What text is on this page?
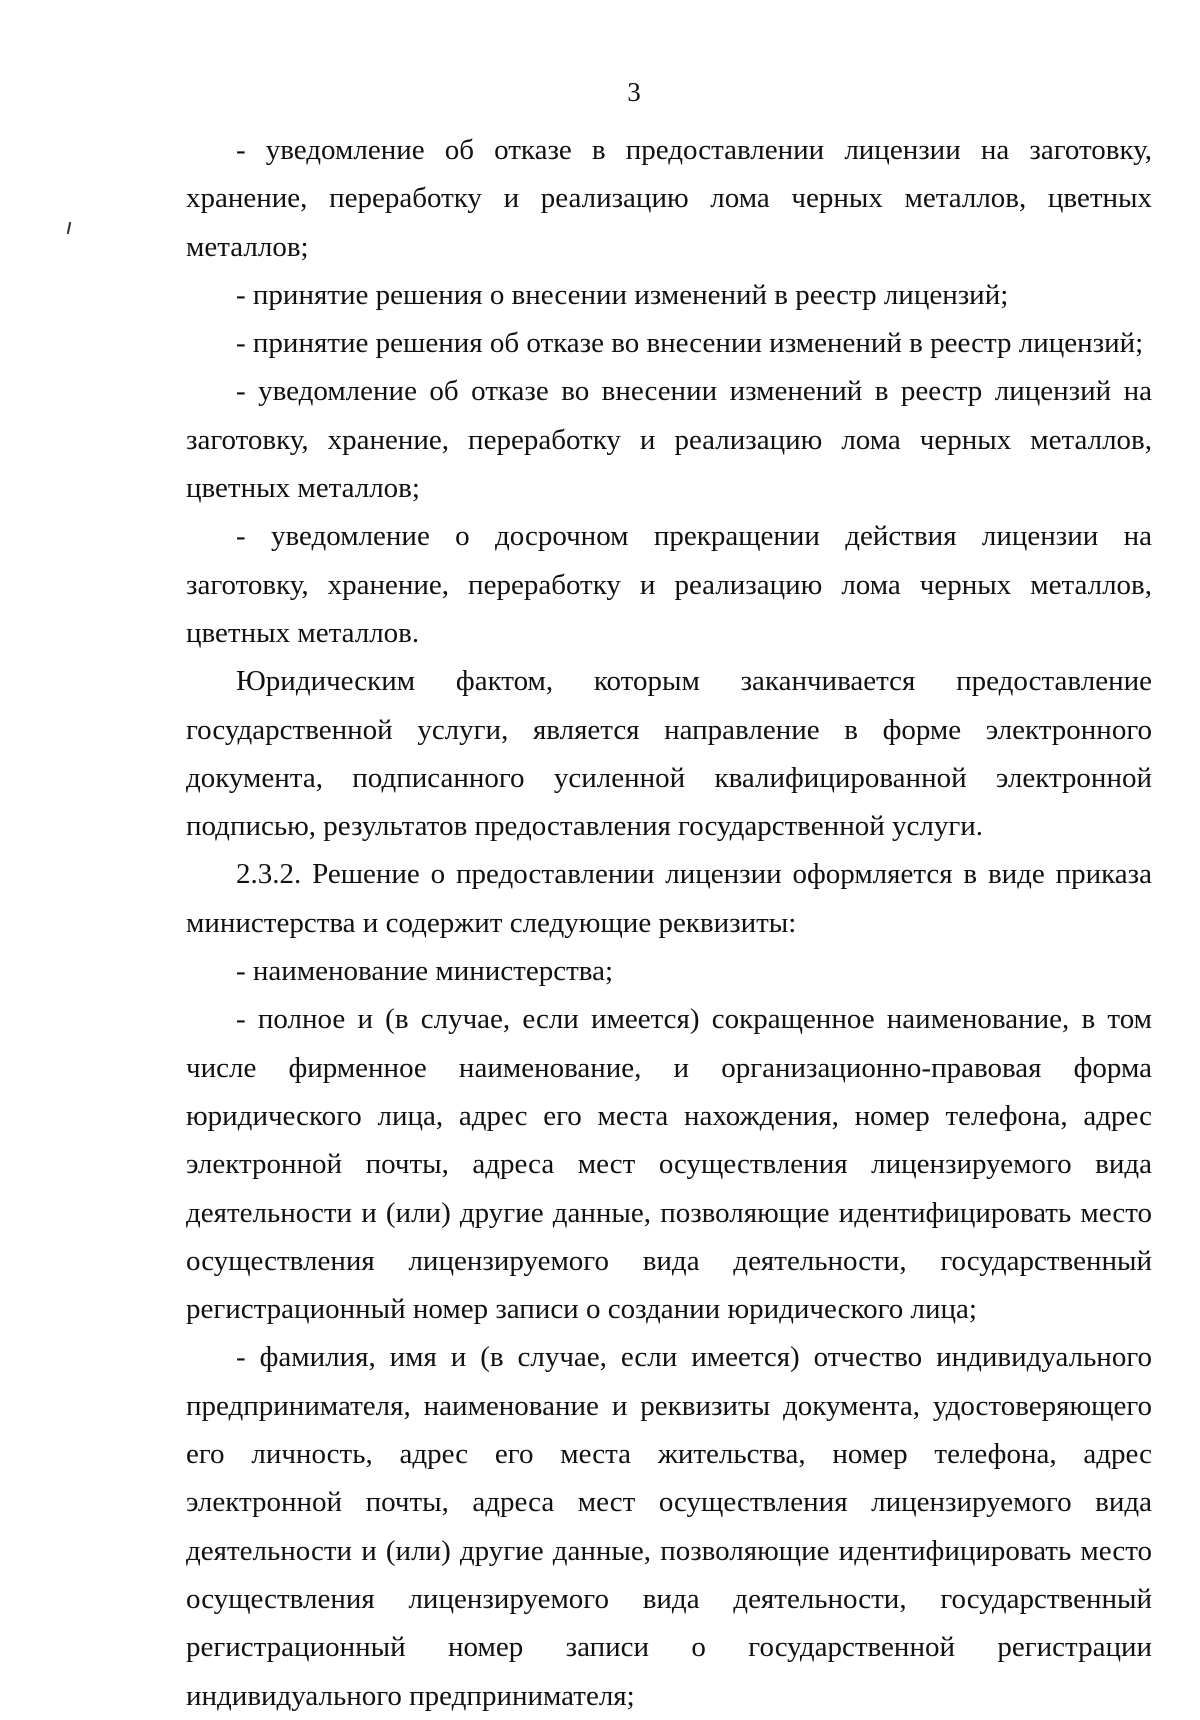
3

- уведомление об отказе в предоставлении лицензии на заготовку, хранение, переработку и реализацию лома черных металлов, цветных металлов;

- принятие решения о внесении изменений в реестр лицензий;

- принятие решения об отказе во внесении изменений в реестр лицензий;

- уведомление об отказе во внесении изменений в реестр лицензий на заготовку, хранение, переработку и реализацию лома черных металлов, цветных металлов;

- уведомление о досрочном прекращении действия лицензии на заготовку, хранение, переработку и реализацию лома черных металлов, цветных металлов.

Юридическим фактом, которым заканчивается предоставление государственной услуги, является направление в форме электронного документа, подписанного усиленной квалифицированной электронной подписью, результатов предоставления государственной услуги.

2.3.2. Решение о предоставлении лицензии оформляется в виде приказа министерства и содержит следующие реквизиты:

- наименование министерства;

- полное и (в случае, если имеется) сокращенное наименование, в том числе фирменное наименование, и организационно-правовая форма юридического лица, адрес его места нахождения, номер телефона, адрес электронной почты, адреса мест осуществления лицензируемого вида деятельности и (или) другие данные, позволяющие идентифицировать место осуществления лицензируемого вида деятельности, государственный регистрационный номер записи о создании юридического лица;

- фамилия, имя и (в случае, если имеется) отчество индивидуального предпринимателя, наименование и реквизиты документа, удостоверяющего его личность, адрес его места жительства, номер телефона, адрес электронной почты, адреса мест осуществления лицензируемого вида деятельности и (или) другие данные, позволяющие идентифицировать место осуществления лицензируемого вида деятельности, государственный регистрационный номер записи о государственной регистрации индивидуального предпринимателя;
